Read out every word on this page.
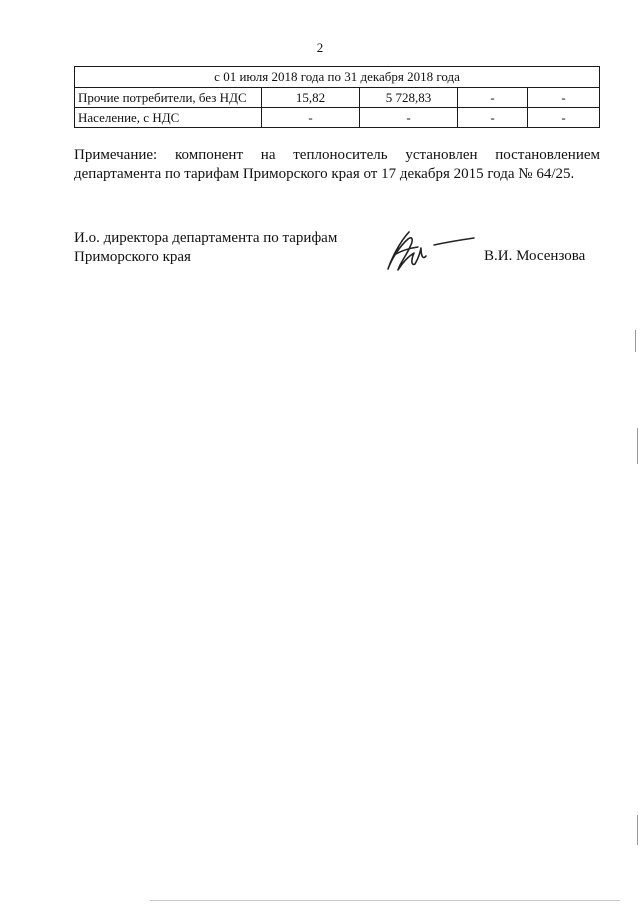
2
с 01 июля 2018 года по 31 декабря 2018 года				
Прочие потребители, без НДС	15,82	5 728,83	-	-
Население, с НДС	-	-	-	-
Примечание: компонент на теплоноситель установлен постановлением
департамента по тарифам Приморского края от 17 декабря 2015 года № 64/25.
И.о. директора департамента по тарифам
Приморского края	В.И. Мосензова
